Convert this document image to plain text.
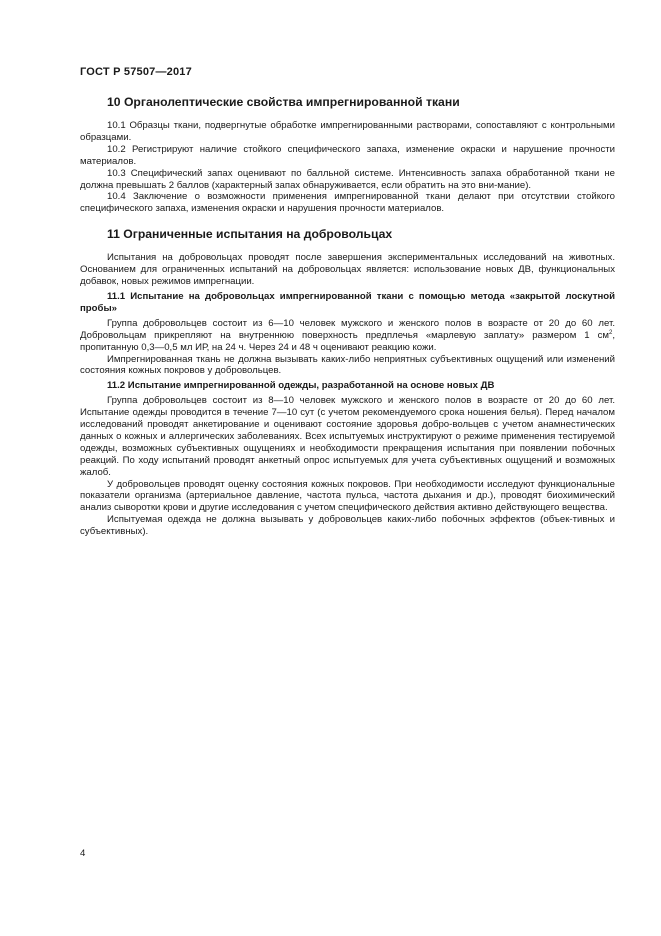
ГОСТ Р 57507—2017
10 Органолептические свойства импрегнированной ткани

10.1 Образцы ткани, подвергнутые обработке импрегнированными растворами, сопоставляют с контрольными образцами.

10.2 Регистрируют наличие стойкого специфического запаха, изменение окраски и нарушение прочности материалов.

10.3 Специфический запах оценивают по балльной системе. Интенсивность запаха обработанной ткани не должна превышать 2 баллов (характерный запах обнаруживается, если обратить на это вни-мание).

10.4 Заключение о возможности применения импрегнированной ткани делают при отсутствии стойкого специфического запаха, изменения окраски и нарушения прочности материалов.

11 Ограниченные испытания на добровольцах

Испытания на добровольцах проводят после завершения экспериментальных исследований на животных. Основанием для ограниченных испытаний на добровольцах является: использование новых ДВ, функциональных добавок, новых режимов импрегнации.

11.1 Испытание на добровольцах импрегнированной ткани с помощью метода «закрытой лоскутной пробы»

Группа добровольцев состоит из 6—10 человек мужского и женского полов в возрасте от 20 до 60 лет. Добровольцам прикрепляют на внутреннюю поверхность предплечья «марлевую заплату» размером 1 $см^2$, пропитанную 0,3—0,5 мл ИР, на 24 ч. Через 24 и 48 ч оценивают реакцию кожи.

Импрегнированная ткань не должна вызывать каких-либо неприятных субъективных ощущений или изменений состояния кожных покровов у добровольцев.

11.2 Испытание импрегнированной одежды, разработанной на основе новых ДВ

Группа добровольцев состоит из 8—10 человек мужского и женского полов в возрасте от 20 до 60 лет. Испытание одежды проводится в течение 7—10 сут (с учетом рекомендуемого срока ношения белья). Перед началом исследований проводят анкетирование и оценивают состояние здоровья добро-вольцев с учетом анамнестических данных о кожных и аллергических заболеваниях. Всех испытуемых инструктируют о режиме применения тестируемой одежды, возможных субъективных ощущениях и необходимости прекращения испытания при появлении побочных реакций. По ходу испытаний проводят анкетный опрос испытуемых для учета субъективных ощущений и возможных жалоб.

У добровольцев проводят оценку состояния кожных покровов. При необходимости исследуют функциональные показатели организма (артериальное давление, частота пульса, частота дыхания и др.), проводят биохимический анализ сыворотки крови и другие исследования с учетом специфического действия активно действующего вещества.

Испытуемая одежда не должна вызывать у добровольцев каких-либо побочных эффектов (объек-тивных и субъективных).

4
